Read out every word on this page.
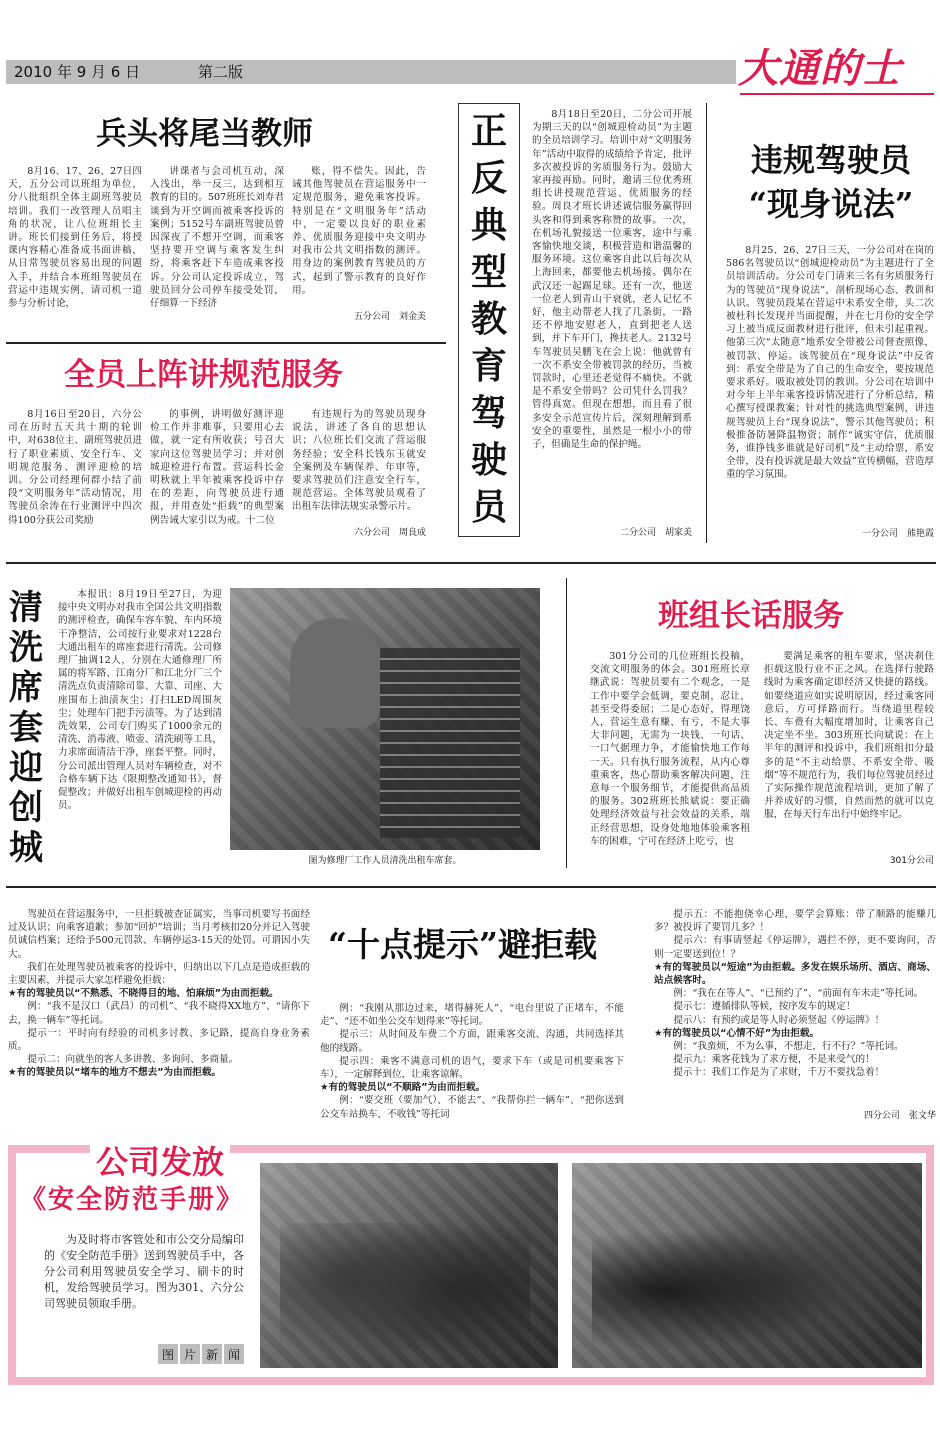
2010 年 9 月 6 日	第二版	大通的士
兵头将尾当教师

8月16、17、26、27日四天，五分公司以班组为单位，分八批组织全体主副班驾驶员培训。我们一改管理人员唱主角的状况，让八位班组长主讲。班长们接到任务后，将授课内容精心准备成书面讲稿，从日常驾驶员容易出现的问题入手，并结合本班组驾驶员在营运中违规实例，请司机一道参与分析讨论，

讲课者与会司机互动，深入浅出，举一反三，达到相互教育的目的。507班班长刘寿君谈到为开空调而被乘客投诉的案例；5152号车副班驾驶员曾因深夜了不想开空调，而乘客坚持要开空调与乘客发生纠纷，将乘客赶下车造成乘客投诉。分公司认定投诉成立，驾驶员回分公司停车接受处罚，仔细算一下经济

账，得不偿失。因此，告诫其他驾驶员在营运服务中一定规范服务，避免乘客投诉。特别是在“文明服务年”活动中，一定要以良好的职业素养、优质服务迎接中央文明办对我市公共文明指数的测评。用身边的案例教育驾驶员的方式，起到了警示教育的良好作用。

五分公司　刘金美
全员上阵讲规范服务

8月16日至20日，六分公司在历时五天共十期的轮训中，对638位主、副班驾驶员进行了职业素质、安全行车、文明规范服务、测评迎检的培训。分公司经理何群小结了前段“文明服务年”活动情况，用驾驶员余涛在行业测评中四次得100分获公司奖励

的事例，讲明做好测评迎检工作并非难事，只要用心去做，就一定有所收获；号召大家向这位驾驶员学习；并对创城迎检进行布置。营运科长金明秋就上半年被乘客投诉中存在的差距，向驾驶员进行通报，并用查处“拒载”的典型案例告诫大家引以为戒。十二位

有违规行为的驾驶员现身说法，讲述了各自的思想认识；八位班长们交流了营运服务经验；安全科长钱东玉就安全案例及车辆保养、年审等，要求驾驶员们注意安全行车，规范营运。全体驾驶员观看了出租车法律法规实录警示片。

六分公司　周良成
正
反
典
型
教
育
驾
驶
员

8月18日至20日，二分公司开展为期三天的以“创城迎检动员”为主题的全员培训学习。培训中对“文明服务年”活动中取得的成绩给予肯定，批评多次被投诉的劣质服务行为。鼓励大家再接再励。同时，邀请三位优秀班组长讲授规范营运、优质服务的经验。周良才班长讲述诚信服务赢得回头客和得到乘客称赞的故事。一次，在机场礼貌接送一位乘客，途中与乘客愉快地交谈，积极营造和谐温馨的服务环境。这位乘客自此以后每次从上海回来，都要他去机场接。偶尔在武汉还一起踢足球。还有一次，他送一位老人到青山干衰就，老人记忆不好，他主动帮老人找了几条街，一路还不停地安慰老人，直到把老人送到，并下车开门，搀扶老人。2132号车驾驶员吴鹏飞在会上说：他就曾有一次不系安全带被罚款的经历，当被罚款时，心里还老觉得不痛快。不就是不系安全带吗？公司凭什么罚我？管得真宽。但现在想想，而且看了很多安全示范宣传片后，深刻理解到系安全的重要性，虽然是一根小小的带子，但确是生命的保护绳。

二分公司　胡家美
违规驾驶员
“现身说法”

8月25、26、27日三天，一分公司对在岗的586名驾驶员以“创城迎检动员”为主题进行了全员培训活动。分公司专门请来三名有劣质服务行为的驾驶员“现身说法”，剖析现场心态、教训和认识。驾驶员段某在营运中未系安全带，头二次被杜科长发现并当面提醒，并在七月份的安全学习上被当成反面教材进行批评，但未引起重视。他第三次“太随意”地系安全带被公司督查照像，被罚款、停运。该驾驶员在“现身说法”中反省到：系安全带是为了自己的生命安全，要按规范要求系好。吸取被处罚的教训。分公司在培训中对今年上半年乘客投诉情况进行了分析总结，精心撰写授课教案；针对性的挑选典型案例，讲违规驾驶员上台“现身说法”，警示其他驾驶员；积极推备防暑降温物资；制作“诚实守信，优质服务，谁挣钱多谁就是好司机”及“主动给票，系安全带，没有投诉就是最大效益”宣传横幅，营造厚重的学习氛围。

一分公司　熊艳霞
清
洗
席
套
迎
创
城

本报讯：8月19日至27日，为迎接中央文明办对我市全国公共文明指数的测评检查，确保车容车貌、车内环境干净整洁，公司按行业要求对1228台大通出租车的席座套进行清洗。公司修理厂抽调12人，分别在大通修理厂所属的将军路、江南分厂和江北分厂三个清洗点负责清除司靠、大靠、司座、大座围布上油渍灰尘；打扫LED周围灰尘；处理车门把手污渍等。为了达到清洗效果，公司专门购买了1000余元的清洗、消毒液、喷壶、清洗刷等工具，力求席面清洁干净，座套平整。同时，分公司派出管理人员对车辆检查，对不合格车辆下达《限期整改通知书》，督促整改；并做好出租车创城迎检的再动员。

图为修理厂工作人员清洗出租车席套。
班组长话服务

301分公司的几位班组长投稿，交流文明服务的体会。301班班长章继武说：驾驶员要有二个观念，一是工作中要学会低调，要克制，忍让，甚至受得委屈；二是心态好，得理饶人，营运生意有赚、有亏，不是大事大非问题，无需为一块钱、一句话、一口气据理力争，才能愉快地工作每一天。只有执行服务流程，从内心尊重乘客，热心帮助乘客解决问题，注意每一个服务细节，才能提供高品质的服务。302班班长熊斌说：要正确处理经济效益与社会效益的关系，端正经营思想，设身处地地体验乘客租车的困难，宁可在经济上吃亏，也

要满足乘客的租车要求，坚决刹住拒载这股行业不正之风。在选择行驶路线时为乘客确定即经济又快捷的路线。如要绕道应如实说明原因，经过乘客同意后，方可择路而行。当绕道里程较长、车费有大幅度增加时，让乘客自己决定坐不坐。303班班长向斌说：在上半年的测评和投诉中，我们班组扣分最多的是“不主动给票、不系安全带、吸烟”等不规范行为，我们每位驾驶员经过了实际操作规范流程培训，更加了解了并养成好的习惯，自然而然的就可以克服，在每天行车出行中始终牢记。

301分公司
“十点提示”避拒载

驾驶员在营运服务中，一旦拒载被查证属实，当事司机要写书面经过及认识；向乘客道歉；参加“回炉”培训；当月考核扣20分并记入驾驶员诚信档案；还给予500元罚款、车辆停运3-15天的处罚。可谓因小失大。

我们在处理驾驶员被乘客的投诉中，归纳出以下几点是造成拒载的主要因素，并提示大家怎样避免拒载：

★有的驾驶员以“不熟悉、不晓得目的地、怕麻烦”为由而拒载。

例：“我不是汉口（武昌）的司机”、“我不晓得XX地方”、“请你下去，换一辆车”等托词。

提示一：平时向有经验的司机多讨教、多记路，提高自身业务素质。

提示二：向就坐的客人多讲教、多询问、多商量。

★有的驾驶员以“堵车的地方不想去”为由而拒载。

例：“我刚从那边过来，堵得赫死人”、“电台里说了正堵车，不能走”、“还不如坐公交车划得来”等托词。

提示三：从时间及车费二个方面，跟乘客交流、沟通，共同选择其他的线路。

提示四：乘客不满意司机的语气，要求下车（或是司机要乘客下车），一定解释到位，让乘客谅解。

★有的驾驶员以“不顺路”为由而拒载。

例：“要交班（要加气）、不能去”、“我帮你拦一辆车”、“把你送到公交车站换车，不收钱”等托词

提示五：不能抱侥幸心理，要学会算账：带了顺路的能赚几多？被投诉了要罚几多？！

提示六：有事请竖起《停运牌》，遇拦不停，更不要询问，否则一定要送到位！？

★有的驾驶员以“短途”为由拒载。多发在娱乐场所、酒店、商场、站点候客时。

例：“我在在等人”、“已预约了”、“前面有车未走”等托词。

提示七：遵循排队等候，按序发车的规定！

提示八：有预约或是等人时必须竖起《停运牌》！

★有的驾驶员以“心情不好”为由拒载。

例：“我蛮烦，不为么事，不想走，行不行？”等托词。

提示九：乘客花钱为了求方便，不是来受气的！

提示十：我们工作是为了求财，千万不要找急着！

四分公司　张文华
公司发放
《安全防范手册》

为及时将市客管处和市公交分局编印的《安全防范手册》送到驾驶员手中，各分公司利用驾驶员安全学习、刷卡的时机，发给驾驶员学习。图为301、六分公司驾驶员领取手册。

图 片 新 闻
